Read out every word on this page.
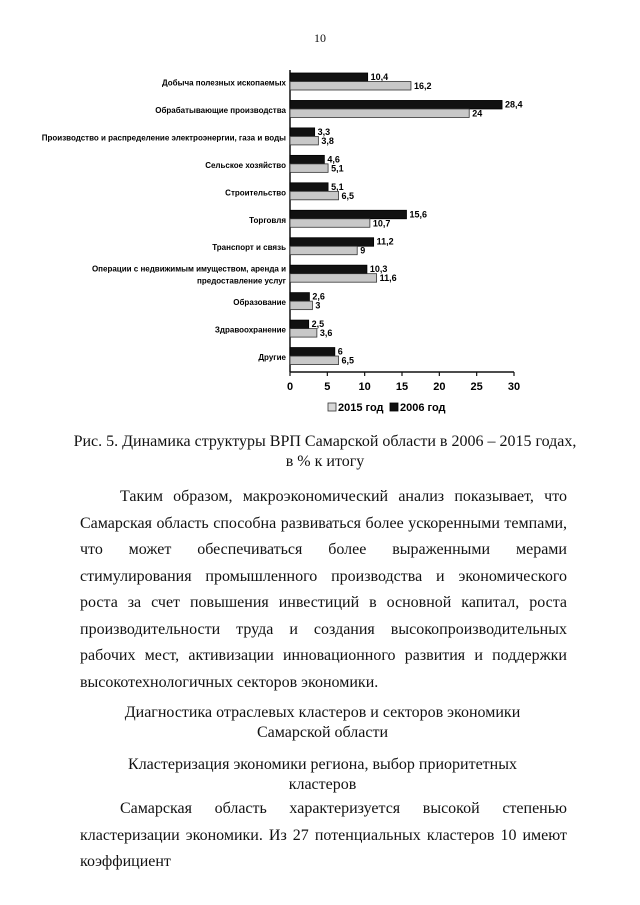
10
0	5	10 15 20 25 30
Добыча полезных ископаемых
10,4
16,2
Обрабатывающие производства
28,4
24
Производство и распределение электроэнергии, газа и воды
3,3
3,8
Сельское хозяйство
4,6
5,1
Строительство
5,1
6,5
Торговля
15,6
10,7
Транспорт и связь
11,2
9
Операции с недвижимым имуществом, аренда и
предоставление услуг
10,3
11,6
Образование
2,6
3
Здравоохранение
2,5
3,6
Другие
6
6,5
2015 год 2006 год
Рис. 5. Динамика структуры ВРП Самарской области в 2006 – 2015 годах,
в % к итогу

Таким образом, макроэкономический анализ показывает, что Самарская область способна развиваться более ускоренными темпами, что может обеспечиваться более выраженными мерами стимулирования промышленного производства и экономического роста за счет повышения инвестиций в основной капитал, роста производительности труда и создания высокопроизводительных рабочих мест, активизации инновационного развития и поддержки высокотехнологичных секторов экономики.

Диагностика отраслевых кластеров и секторов экономики
Самарской области
Кластеризация экономики региона, выбор приоритетных
кластеров

Самарская область характеризуется высокой степенью кластеризации экономики. Из 27 потенциальных кластеров 10 имеют коэффициент
